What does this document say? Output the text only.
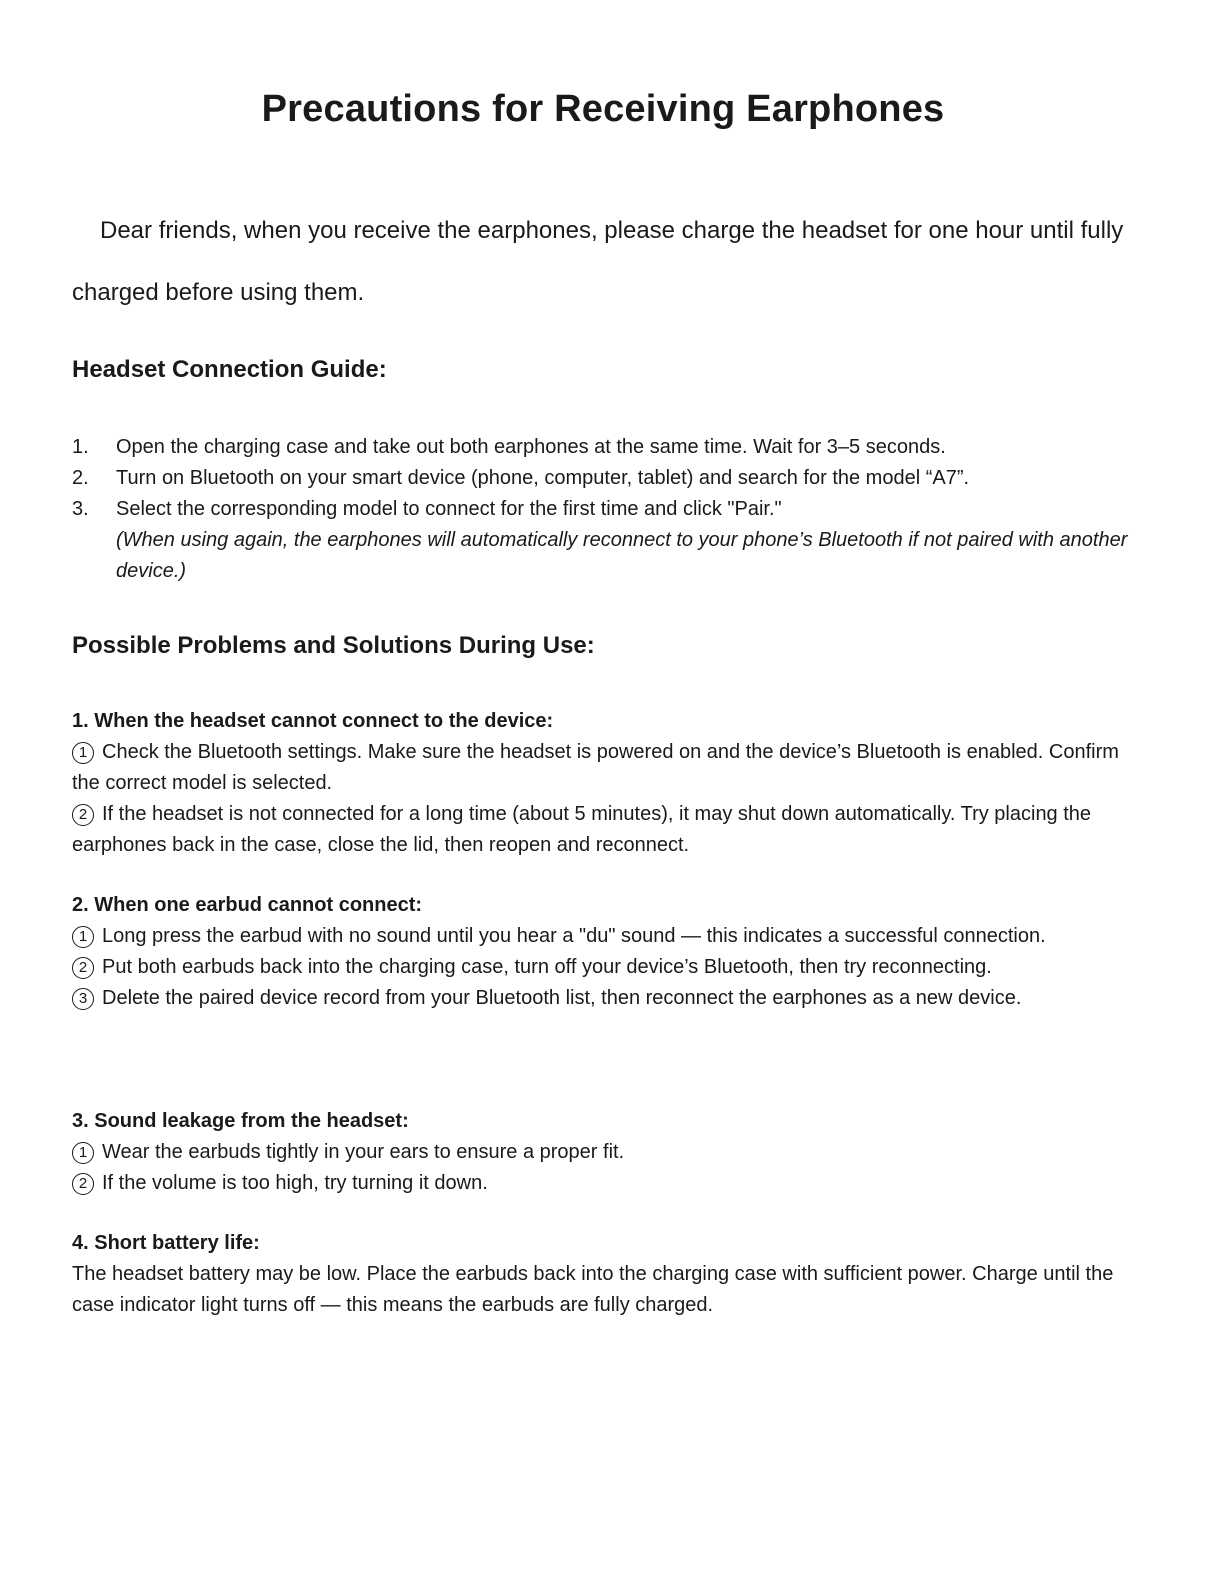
Precautions for Receiving Earphones

Dear friends, when you receive the earphones, please charge the headset for one hour until fully charged before using them.

Headset Connection Guide:
1.	Open the charging case and take out both earphones at the same time. Wait for 3–5 seconds.
2.	Turn on Bluetooth on your smart device (phone, computer, tablet) and search for the model “A7”.
3.	Select the corresponding model to connect for the first time and click "Pair."
(When using again, the earphones will automatically reconnect to your phone’s Bluetooth if not paired with another device.)
Possible Problems and Solutions During Use:

1. When the headset cannot connect to the device:

1 Check the Bluetooth settings. Make sure the headset is powered on and the device’s Bluetooth is enabled. Confirm the correct model is selected.

2 If the headset is not connected for a long time (about 5 minutes), it may shut down automatically. Try placing the earphones back in the case, close the lid, then reopen and reconnect.

2. When one earbud cannot connect:

1 Long press the earbud with no sound until you hear a "du" sound — this indicates a successful connection.

2 Put both earbuds back into the charging case, turn off your device’s Bluetooth, then try reconnecting.

3 Delete the paired device record from your Bluetooth list, then reconnect the earphones as a new device.

3. Sound leakage from the headset:

1 Wear the earbuds tightly in your ears to ensure a proper fit.

2 If the volume is too high, try turning it down.

4. Short battery life:

The headset battery may be low. Place the earbuds back into the charging case with sufficient power. Charge until the case indicator light turns off — this means the earbuds are fully charged.
